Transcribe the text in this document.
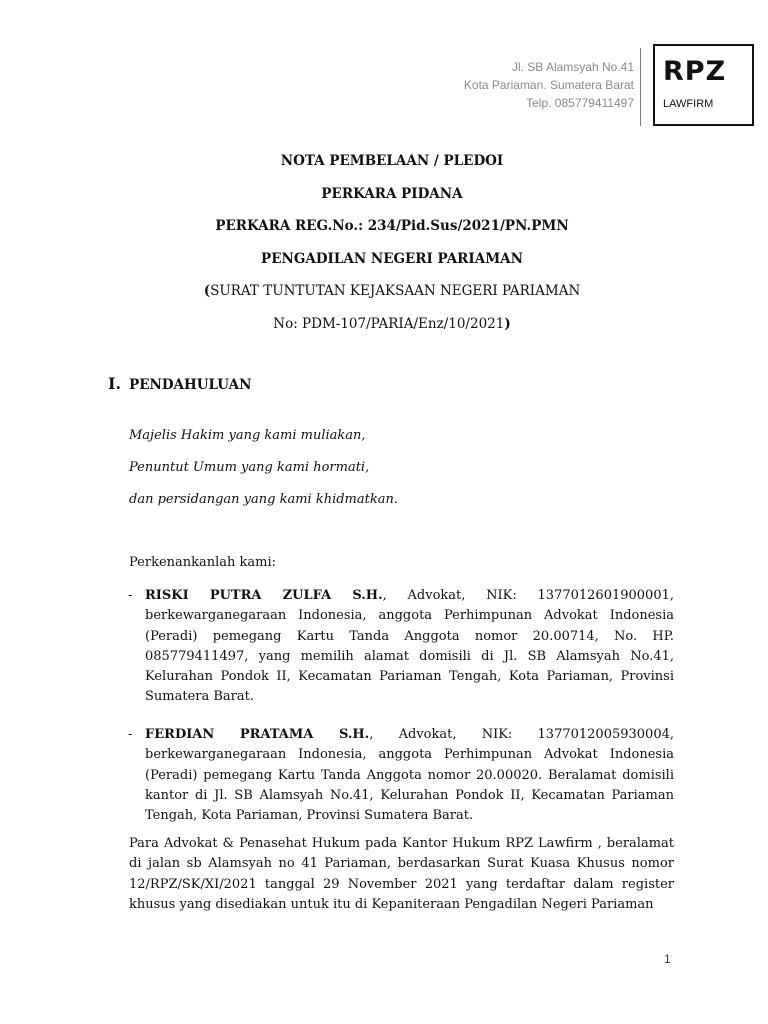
Jl. SB Alamsyah No.41
Kota Pariaman. Sumatera Barat
Telp. 085779411497
RPZ
LAWFIRM
NOTA PEMBELAAN / PLEDOI
PERKARA PIDANA
PERKARA REG.No.: 234/Pid.Sus/2021/PN.PMN
PENGADILAN NEGERI PARIAMAN
(SURAT TUNTUTAN KEJAKSAAN NEGERI PARIAMAN
No: PDM-107/PARIA/Enz/10/2021)
I. PENDAHULUAN
Majelis Hakim yang kami muliakan,
Penuntut Umum yang kami hormati,
dan persidangan yang kami khidmatkan.
Perkenankanlah kami:
- RISKI PUTRA ZULFA S.H., Advokat, NIK: 1377012601900001, berkewarganegaraan Indonesia, anggota Perhimpunan Advokat Indonesia (Peradi) pemegang Kartu Tanda Anggota nomor 20.00714, No. HP. 085779411497, yang memilih alamat domisili di Jl. SB Alamsyah No.41, Kelurahan Pondok II, Kecamatan Pariaman Tengah, Kota Pariaman, Provinsi Sumatera Barat.
- FERDIAN PRATAMA S.H., Advokat, NIK: 1377012005930004, berkewarganegaraan Indonesia, anggota Perhimpunan Advokat Indonesia (Peradi) pemegang Kartu Tanda Anggota nomor 20.00020. Beralamat domisili kantor di Jl. SB Alamsyah No.41, Kelurahan Pondok II, Kecamatan Pariaman Tengah, Kota Pariaman, Provinsi Sumatera Barat.
Para Advokat & Penasehat Hukum pada Kantor Hukum RPZ Lawfirm , beralamat di jalan sb Alamsyah no 41 Pariaman, berdasarkan Surat Kuasa Khusus nomor 12/RPZ/SK/XI/2021 tanggal 29 November 2021 yang terdaftar dalam register khusus yang disediakan untuk itu di Kepaniteraan Pengadilan Negeri Pariaman
1
